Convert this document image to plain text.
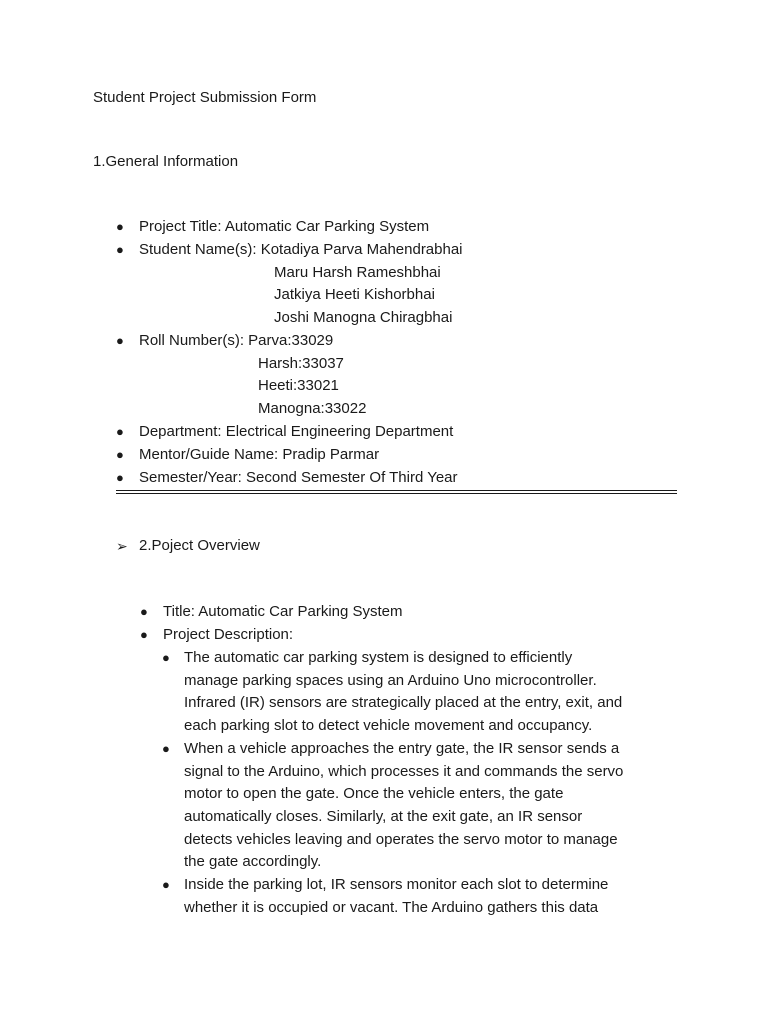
Student Project Submission Form
1.General Information
● Project Title: Automatic Car Parking System
● Student Name(s): Kotadiya Parva Mahendrabhai
Maru Harsh Rameshbhai
Jatkiya Heeti Kishorbhai
Joshi Manogna Chiragbhai
● Roll Number(s): Parva:33029
Harsh:33037
Heeti:33021
Manogna:33022
● Department: Electrical Engineering Department
● Mentor/Guide Name: Pradip Parmar
● Semester/Year: Second Semester Of Third Year
➢ 2.Poject Overview
● Title: Automatic Car Parking System
● Project Description:
● The automatic car parking system is designed to efficiently
manage parking spaces using an Arduino Uno microcontroller.
Infrared (IR) sensors are strategically placed at the entry, exit, and
each parking slot to detect vehicle movement and occupancy.
● When a vehicle approaches the entry gate, the IR sensor sends a
signal to the Arduino, which processes it and commands the servo
motor to open the gate. Once the vehicle enters, the gate
automatically closes. Similarly, at the exit gate, an IR sensor
detects vehicles leaving and operates the servo motor to manage
the gate accordingly.
● Inside the parking lot, IR sensors monitor each slot to determine
whether it is occupied or vacant. The Arduino gathers this data
